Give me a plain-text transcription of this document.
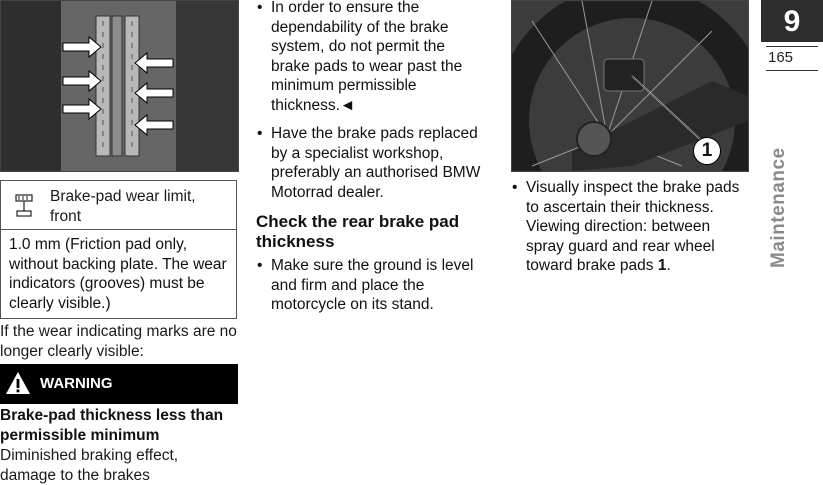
Brake-pad wear limit, front
1.0 mm (Friction pad only, without backing plate. The wear indicators (grooves) must be clearly visible.)
If the wear indicating marks are no longer clearly visible:
WARNING
Brake-pad thickness less than permissible minimum
Diminished braking effect, damage to the brakes
• In order to ensure the dependability of the brake system, do not permit the brake pads to wear past the minimum permissible thickness.◄
• Have the brake pads replaced by a specialist workshop, preferably an authorised BMW Motorrad dealer.
Check the rear brake pad thickness
• Make sure the ground is level and firm and place the motorcycle on its stand.
1
• Visually inspect the brake pads to ascertain their thickness. Viewing direction: between spray guard and rear wheel toward brake pads 1.
9
165
Maintenance
